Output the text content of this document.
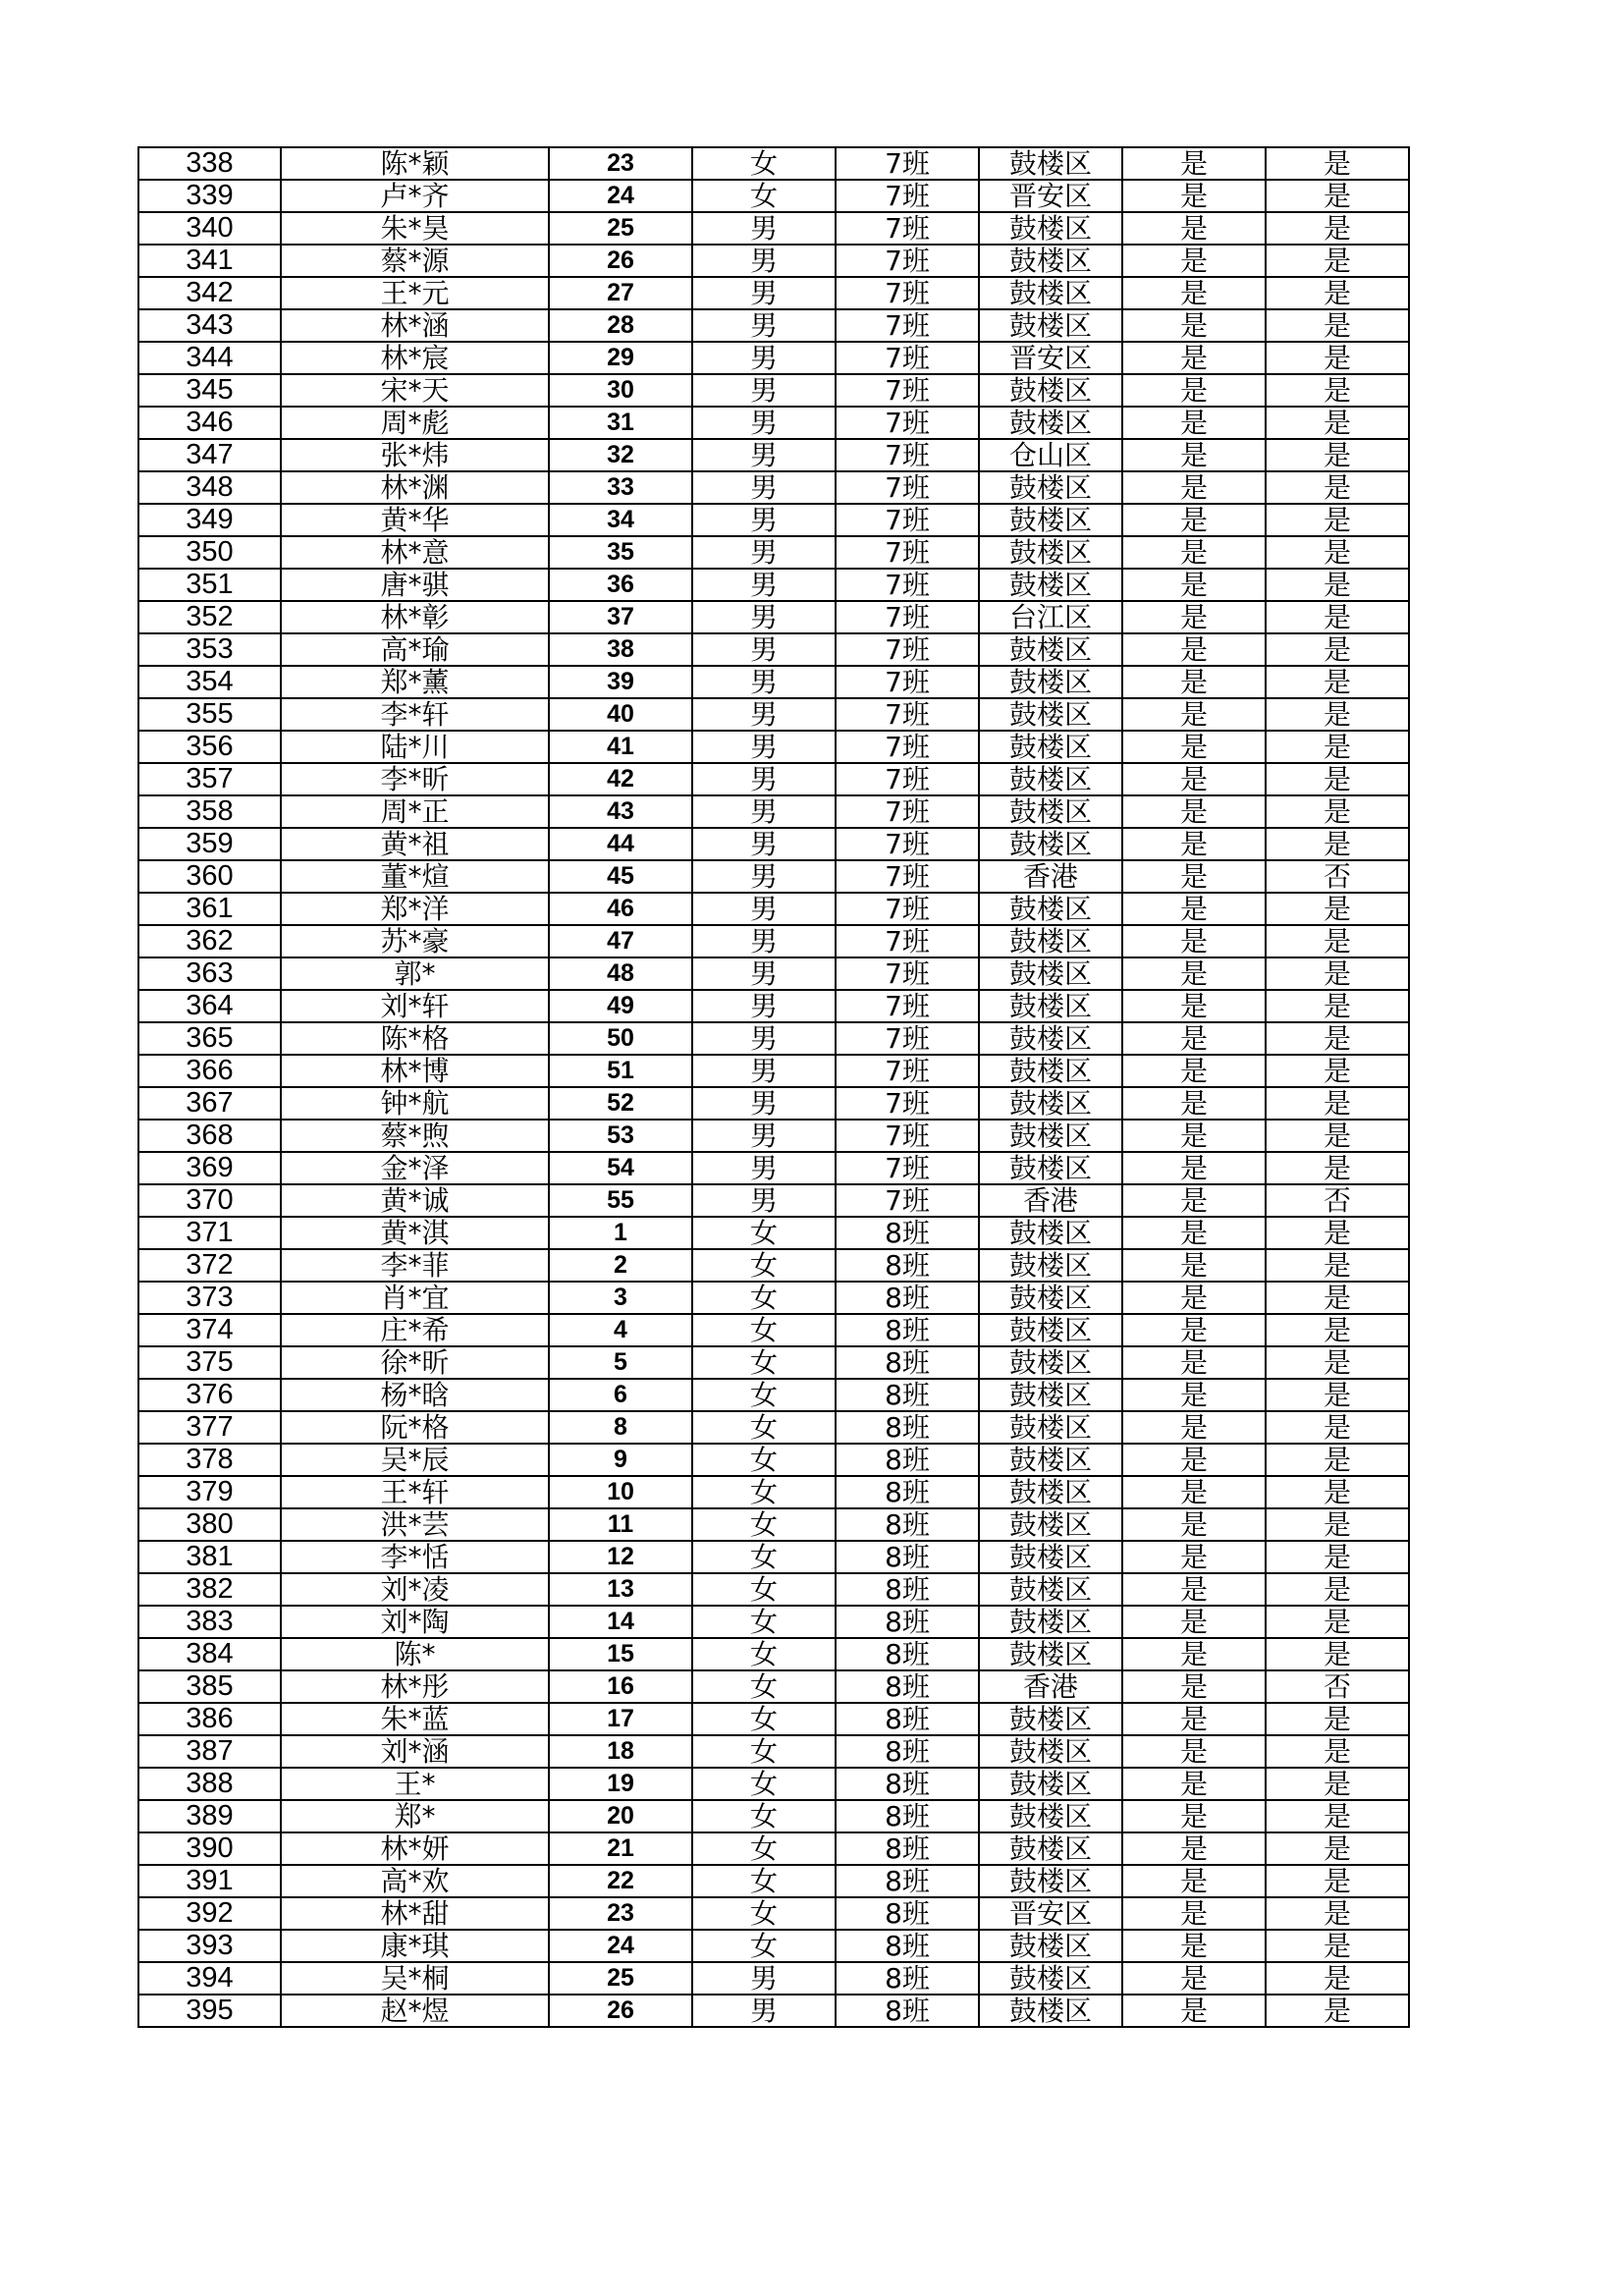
338	陈*颖	23	女	7班	鼓楼区	是	是
339	卢*齐	24	女	7班	晋安区	是	是
340	朱*昊	25	男	7班	鼓楼区	是	是
341	蔡*源	26	男	7班	鼓楼区	是	是
342	王*元	27	男	7班	鼓楼区	是	是
343	林*涵	28	男	7班	鼓楼区	是	是
344	林*宸	29	男	7班	晋安区	是	是
345	宋*天	30	男	7班	鼓楼区	是	是
346	周*彪	31	男	7班	鼓楼区	是	是
347	张*炜	32	男	7班	仓山区	是	是
348	林*渊	33	男	7班	鼓楼区	是	是
349	黄*华	34	男	7班	鼓楼区	是	是
350	林*意	35	男	7班	鼓楼区	是	是
351	唐*骐	36	男	7班	鼓楼区	是	是
352	林*彰	37	男	7班	台江区	是	是
353	高*瑜	38	男	7班	鼓楼区	是	是
354	郑*薰	39	男	7班	鼓楼区	是	是
355	李*轩	40	男	7班	鼓楼区	是	是
356	陆*川	41	男	7班	鼓楼区	是	是
357	李*昕	42	男	7班	鼓楼区	是	是
358	周*正	43	男	7班	鼓楼区	是	是
359	黄*祖	44	男	7班	鼓楼区	是	是
360	董*煊	45	男	7班	香港	是	否
361	郑*洋	46	男	7班	鼓楼区	是	是
362	苏*豪	47	男	7班	鼓楼区	是	是
363	郭*	48	男	7班	鼓楼区	是	是
364	刘*轩	49	男	7班	鼓楼区	是	是
365	陈*格	50	男	7班	鼓楼区	是	是
366	林*博	51	男	7班	鼓楼区	是	是
367	钟*航	52	男	7班	鼓楼区	是	是
368	蔡*煦	53	男	7班	鼓楼区	是	是
369	金*泽	54	男	7班	鼓楼区	是	是
370	黄*诚	55	男	7班	香港	是	否
371	黄*淇	1	女	8班	鼓楼区	是	是
372	李*菲	2	女	8班	鼓楼区	是	是
373	肖*宜	3	女	8班	鼓楼区	是	是
374	庄*希	4	女	8班	鼓楼区	是	是
375	徐*昕	5	女	8班	鼓楼区	是	是
376	杨*晗	6	女	8班	鼓楼区	是	是
377	阮*格	8	女	8班	鼓楼区	是	是
378	吴*辰	9	女	8班	鼓楼区	是	是
379	王*轩	10	女	8班	鼓楼区	是	是
380	洪*芸	11	女	8班	鼓楼区	是	是
381	李*恬	12	女	8班	鼓楼区	是	是
382	刘*凌	13	女	8班	鼓楼区	是	是
383	刘*陶	14	女	8班	鼓楼区	是	是
384	陈*	15	女	8班	鼓楼区	是	是
385	林*彤	16	女	8班	香港	是	否
386	朱*蓝	17	女	8班	鼓楼区	是	是
387	刘*涵	18	女	8班	鼓楼区	是	是
388	王*	19	女	8班	鼓楼区	是	是
389	郑*	20	女	8班	鼓楼区	是	是
390	林*妍	21	女	8班	鼓楼区	是	是
391	高*欢	22	女	8班	鼓楼区	是	是
392	林*甜	23	女	8班	晋安区	是	是
393	康*琪	24	女	8班	鼓楼区	是	是
394	吴*桐	25	男	8班	鼓楼区	是	是
395	赵*煜	26	男	8班	鼓楼区	是	是
